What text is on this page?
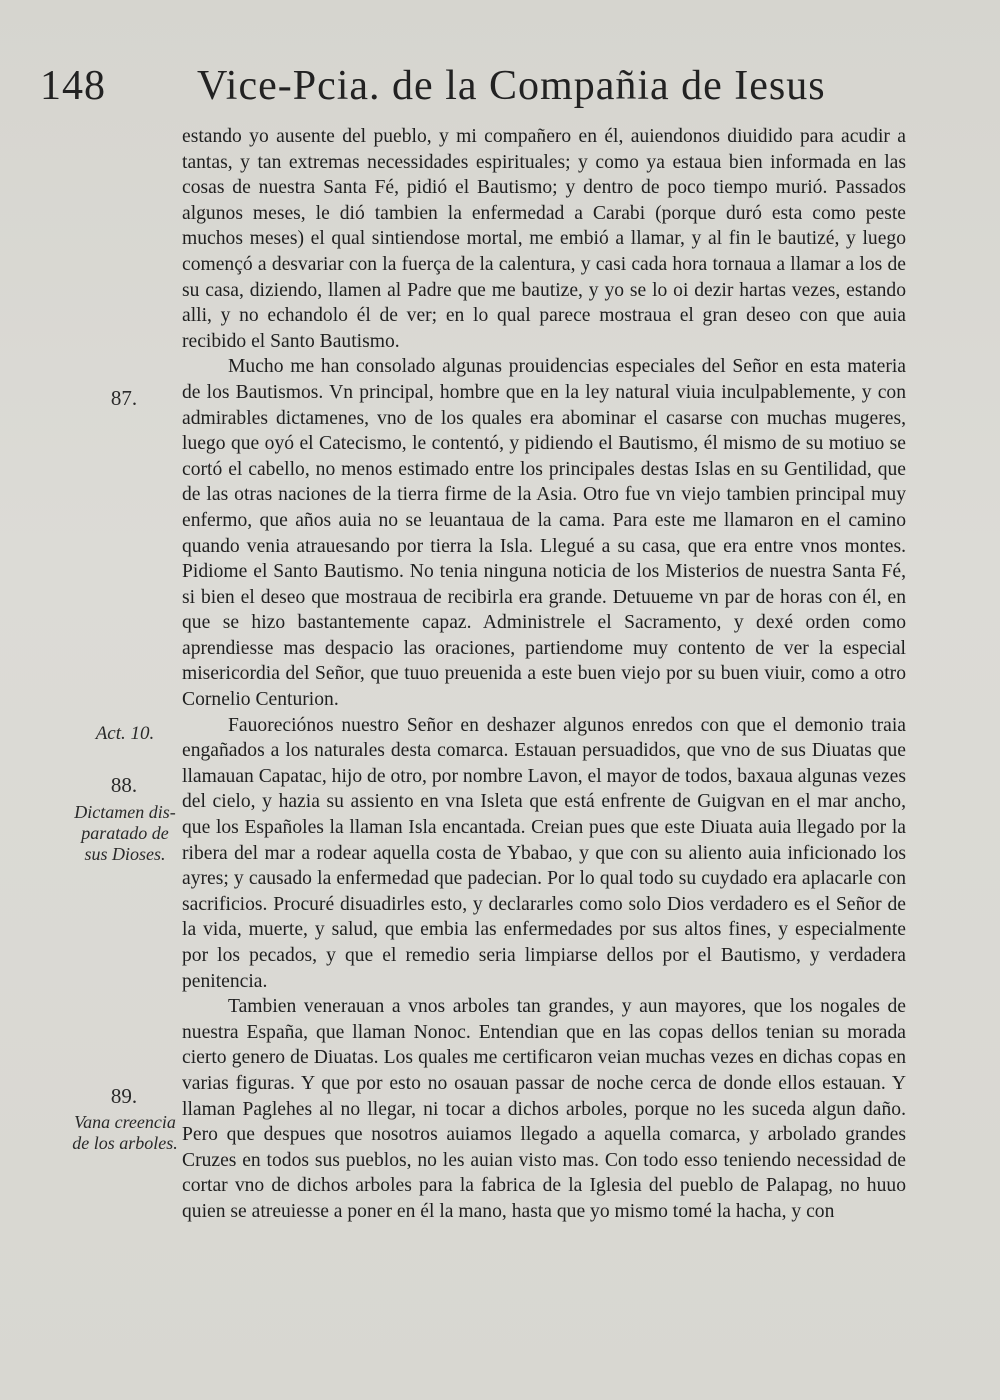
148 Vice-Pcia. de la Compañia de Iesus
87.
Act. 10.
88.
Dictamen dis-paratado de sus Dioses.
89.
Vana creencia de los arboles.

estando yo ausente del pueblo, y mi compañero en él, auiendonos diuidido para acudir a tantas, y tan extremas necessidades espirituales; y como ya estaua bien informada en las cosas de nuestra Santa Fé, pidió el Bautismo; y dentro de poco tiempo murió. Passados algunos meses, le dió tambien la enfermedad a Carabi (porque duró esta como peste muchos meses) el qual sintiendose mortal, me embió a llamar, y al fin le bautizé, y luego començó a desvariar con la fuerça de la calentura, y casi cada hora tornaua a llamar a los de su casa, diziendo, llamen al Padre que me bautize, y yo se lo oi dezir hartas vezes, estando alli, y no echandolo él de ver; en lo qual parece mostraua el gran deseo con que auia recibido el Santo Bautismo.

Mucho me han consolado algunas prouidencias especiales del Señor en esta materia de los Bautismos. Vn principal, hombre que en la ley natural viuia inculpablemente, y con admirables dictamenes, vno de los quales era abominar el casarse con muchas mugeres, luego que oyó el Catecismo, le contentó, y pidiendo el Bautismo, él mismo de su motiuo se cortó el cabello, no menos estimado entre los principales destas Islas en su Gentilidad, que de las otras naciones de la tierra firme de la Asia. Otro fue vn viejo tambien principal muy enfermo, que años auia no se leuantaua de la cama. Para este me llamaron en el camino quando venia atrauesando por tierra la Isla. Llegué a su casa, que era entre vnos montes. Pidiome el Santo Bautismo. No tenia ninguna noticia de los Misterios de nuestra Santa Fé, si bien el deseo que mostraua de recibirla era grande. Detuueme vn par de horas con él, en que se hizo bastantemente capaz. Administrele el Sacramento, y dexé orden como aprendiesse mas despacio las oraciones, partiendome muy contento de ver la especial misericordia del Señor, que tuuo preuenida a este buen viejo por su buen viuir, como a otro Cornelio Centurion.

Fauoreciónos nuestro Señor en deshazer algunos enredos con que el demonio traia engañados a los naturales desta comarca. Estauan persuadidos, que vno de sus Diuatas que llamauan Capatac, hijo de otro, por nombre Lavon, el mayor de todos, baxaua algunas vezes del cielo, y hazia su assiento en vna Isleta que está enfrente de Guigvan en el mar ancho, que los Españoles la llaman Isla encantada. Creian pues que este Diuata auia llegado por la ribera del mar a rodear aquella costa de Ybabao, y que con su aliento auia inficionado los ayres; y causado la enfermedad que padecian. Por lo qual todo su cuydado era aplacarle con sacrificios. Procuré disuadirles esto, y declararles como solo Dios verdadero es el Señor de la vida, muerte, y salud, que embia las enfermedades por sus altos fines, y especialmente por los pecados, y que el remedio seria limpiarse dellos por el Bautismo, y verdadera penitencia.

Tambien venerauan a vnos arboles tan grandes, y aun mayores, que los nogales de nuestra España, que llaman Nonoc. Entendian que en las copas dellos tenian su morada cierto genero de Diuatas. Los quales me certificaron veian muchas vezes en dichas copas en varias figuras. Y que por esto no osauan passar de noche cerca de donde ellos estauan. Y llaman Paglehes al no llegar, ni tocar a dichos arboles, porque no les suceda algun daño. Pero que despues que nosotros auiamos llegado a aquella comarca, y arbolado grandes Cruzes en todos sus pueblos, no les auian visto mas. Con todo esso teniendo necessidad de cortar vno de dichos arboles para la fabrica de la Iglesia del pueblo de Palapag, no huuo quien se atreuiesse a poner en él la mano, hasta que yo mismo tomé la hacha, y con
